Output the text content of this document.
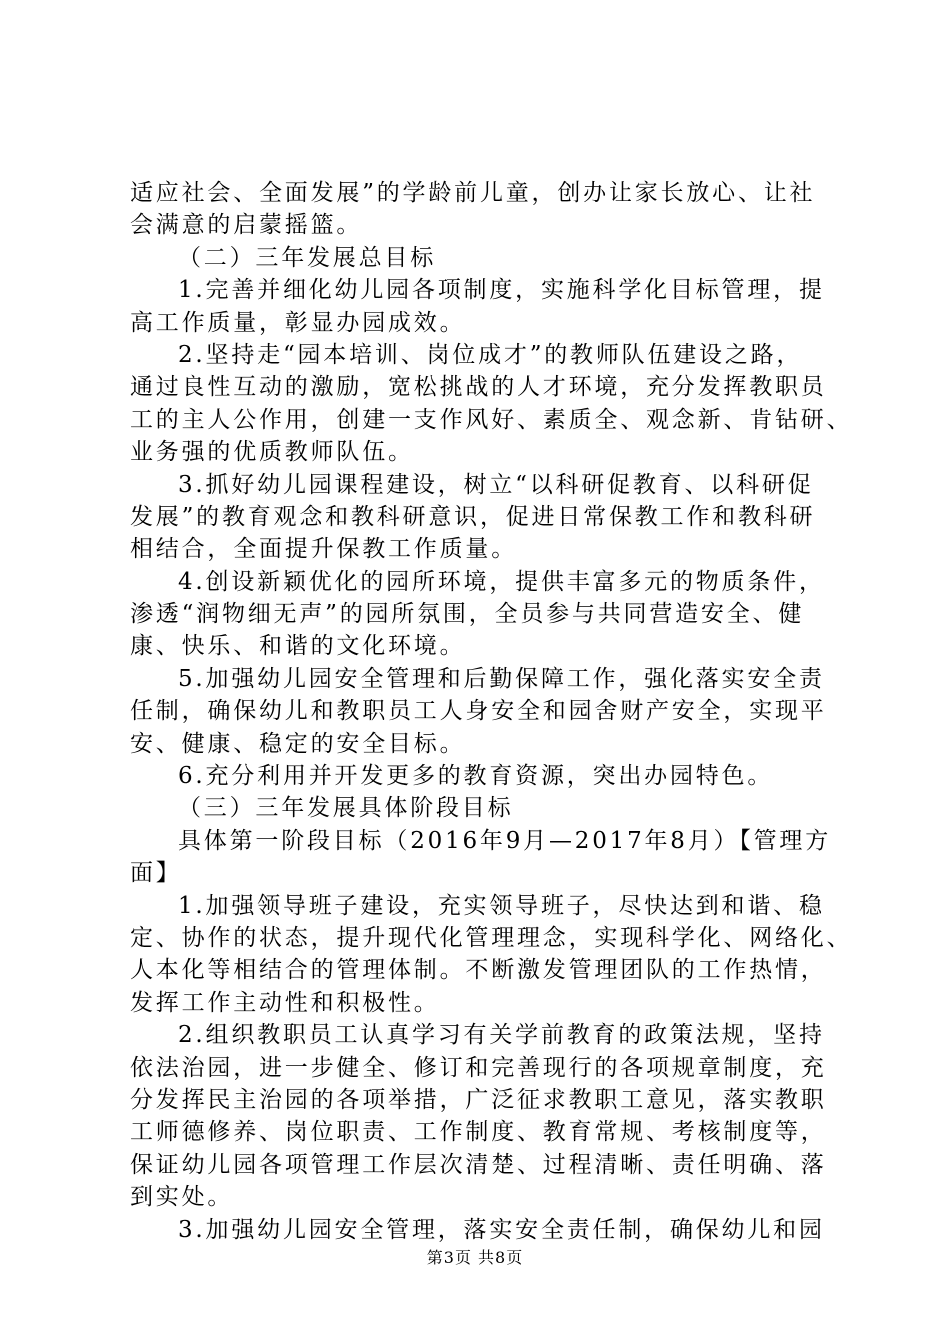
适应社会、全面发展”的学龄前儿童，创办让家长放心、让社
会满意的启蒙摇篮。
（二）三年发展总目标
1.完善并细化幼儿园各项制度，实施科学化目标管理，提
高工作质量，彰显办园成效。
2.坚持走“园本培训、岗位成才”的教师队伍建设之路，
通过良性互动的激励，宽松挑战的人才环境，充分发挥教职员
工的主人公作用，创建一支作风好、素质全、观念新、肯钻研、
业务强的优质教师队伍。
3.抓好幼儿园课程建设，树立“以科研促教育、以科研促
发展”的教育观念和教科研意识，促进日常保教工作和教科研
相结合，全面提升保教工作质量。
4.创设新颖优化的园所环境，提供丰富多元的物质条件，
渗透“润物细无声”的园所氛围，全员参与共同营造安全、健
康、快乐、和谐的文化环境。
5.加强幼儿园安全管理和后勤保障工作，强化落实安全责
任制，确保幼儿和教职员工人身安全和园舍财产安全，实现平
安、健康、稳定的安全目标。
6.充分利用并开发更多的教育资源，突出办园特色。
（三）三年发展具体阶段目标
具体第一阶段目标（2016年9月—2017年8月）【管理方
面】
1.加强领导班子建设，充实领导班子，尽快达到和谐、稳
定、协作的状态，提升现代化管理理念，实现科学化、网络化、
人本化等相结合的管理体制。不断激发管理团队的工作热情，
发挥工作主动性和积极性。
2.组织教职员工认真学习有关学前教育的政策法规，坚持
依法治园，进一步健全、修订和完善现行的各项规章制度，充
分发挥民主治园的各项举措，广泛征求教职工意见，落实教职
工师德修养、岗位职责、工作制度、教育常规、考核制度等，
保证幼儿园各项管理工作层次清楚、过程清晰、责任明确、落
到实处。
3.加强幼儿园安全管理，落实安全责任制，确保幼儿和园
第3页 共8页
